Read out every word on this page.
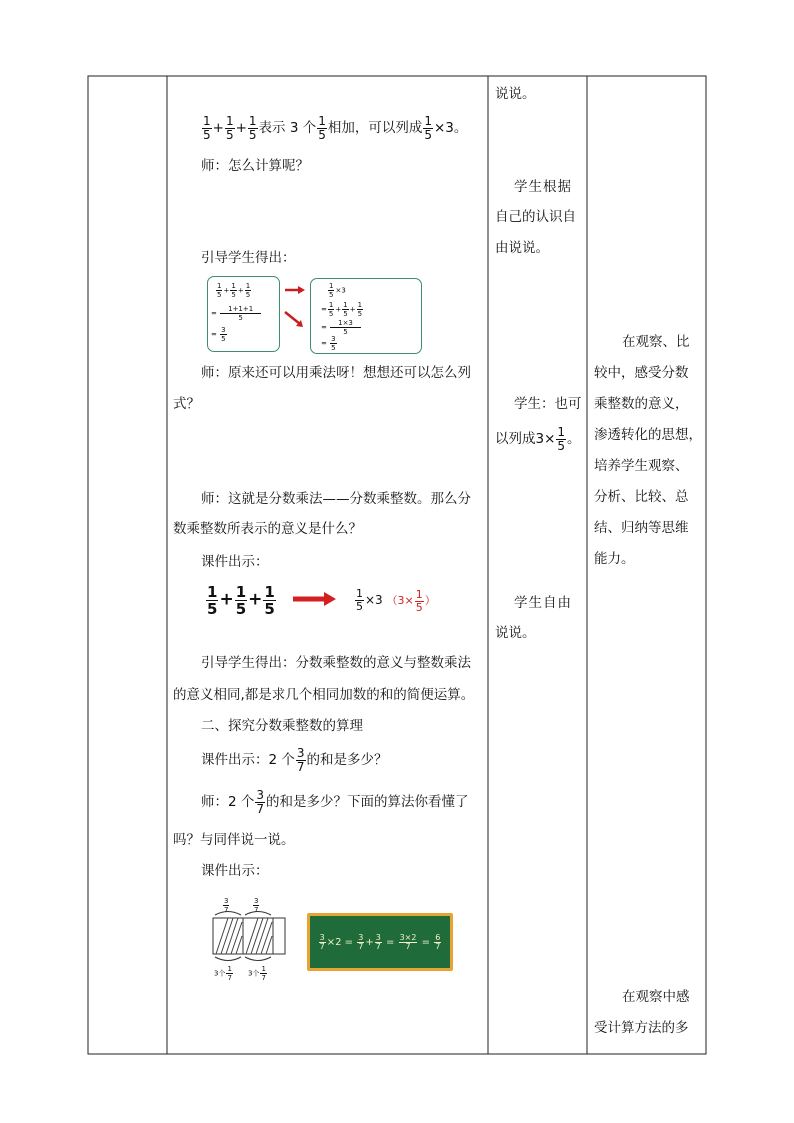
$\frac{1}{5} + \frac{1}{5} + \frac{1}{5}$ 表示 3 个 $\frac{1}{5}$ 相加，可以列成 $\frac{1}{5} \times 3$。
师：怎么计算呢？
引导学生得出：
$\frac{1}{5} + \frac{1}{5} + \frac{1}{5}$
= $\frac{1+1+1}{5}$
= $\frac{3}{5}$
$\frac{1}{5} \times 3$
= $\frac{1}{5} + \frac{1}{5} + \frac{1}{5}$
= $\frac{1\times 3}{5}$
= $\frac{3}{5}$
师：原来还可以用乘法呀！想想还可以怎么列
式？
师：这就是分数乘法——分数乘整数。那么分
数乘整数所表示的意义是什么？
课件出示：
$\frac{1}{5} + \frac{1}{5} + \frac{1}{5}$	$\frac{1}{5} \times 3$ （$3\times \frac{1}{5}$ ）
引导学生得出：分数乘整数的意义与整数乘法
的意义相同,都是求几个相同加数的和的简便运算。
二、探究分数乘整数的算理
课件出示：2 个 $\frac{3}{7}$ 的和是多少？
师：2 个 $\frac{3}{7}$ 的和是多少？下面的算法你看懂了
吗？与同伴说一说。
课件出示：
$\frac{3}{7}$	$\frac{3}{7}$
3个 $\frac{1}{7} 3$个 $\frac{1}{7}$
$\frac{3}{7} \times 2$ =
$\frac{3}{7} + \frac{3}{7}$
=
$\frac{3\times 2}{7}$
=
$\frac{6}{7}$
说说。
学生根据
自己的认识自
由说说。
学生：也可
以列成$3\times \frac{1}{5}$ 。
学生自由
说说。
在观察、比
较中，感受分数
乘整数的意义，
渗透转化的思想，
培养学生观察、
分析、比较、总
结、归纳等思维
能力。
在观察中感
受计算方法的多
